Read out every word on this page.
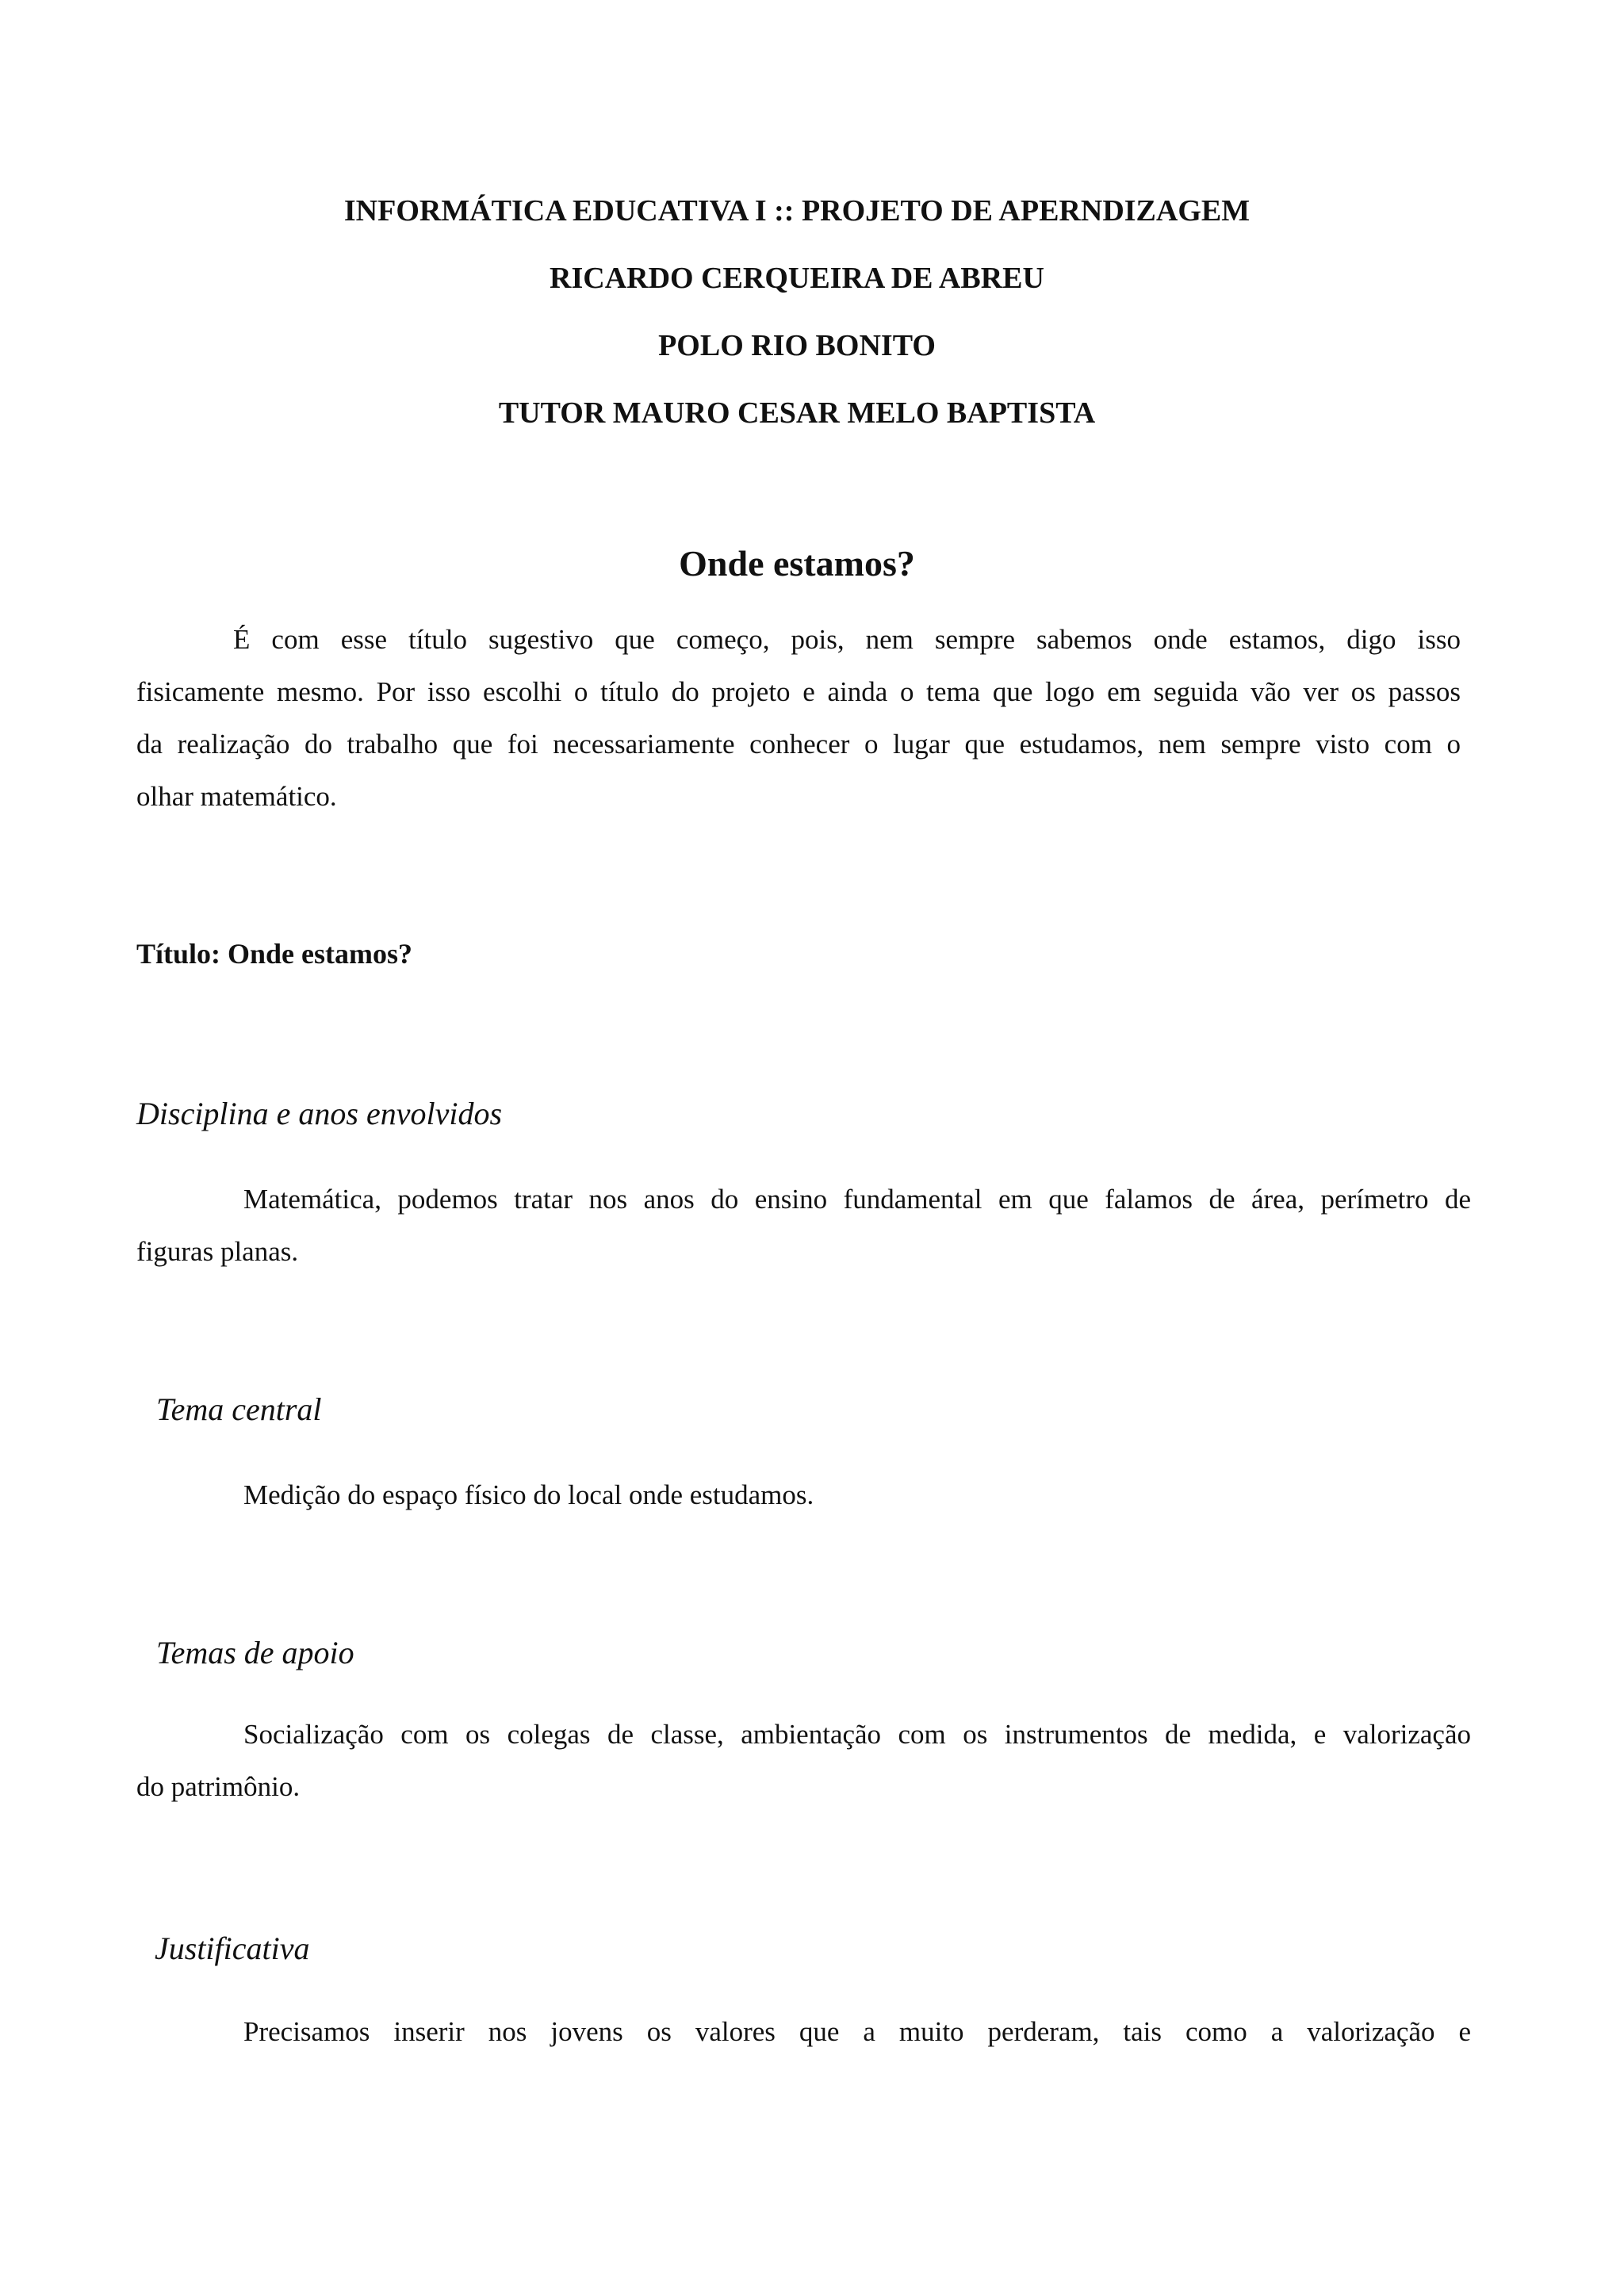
INFORMÁTICA EDUCATIVA I :: PROJETO DE APERNDIZAGEM
RICARDO CERQUEIRA DE ABREU
POLO RIO BONITO
TUTOR MAURO CESAR MELO BAPTISTA
Onde estamos?
É com esse título sugestivo que começo, pois, nem sempre sabemos onde estamos, digo isso
fisicamente mesmo. Por isso escolhi o título do projeto e ainda o tema que logo em seguida vão ver os passos
da realização do trabalho que foi necessariamente conhecer o lugar que estudamos, nem sempre visto com o
olhar matemático.
Título: Onde estamos?
Disciplina e anos envolvidos
Matemática, podemos tratar nos anos do ensino fundamental em que falamos de área, perímetro de
figuras planas.
Tema central
Medição do espaço físico do local onde estudamos.
Temas de apoio
Socialização com os colegas de classe, ambientação com os instrumentos de medida, e valorização
do patrimônio.
Justificativa
Precisamos inserir nos jovens os valores que a muito perderam, tais como a valorização e
